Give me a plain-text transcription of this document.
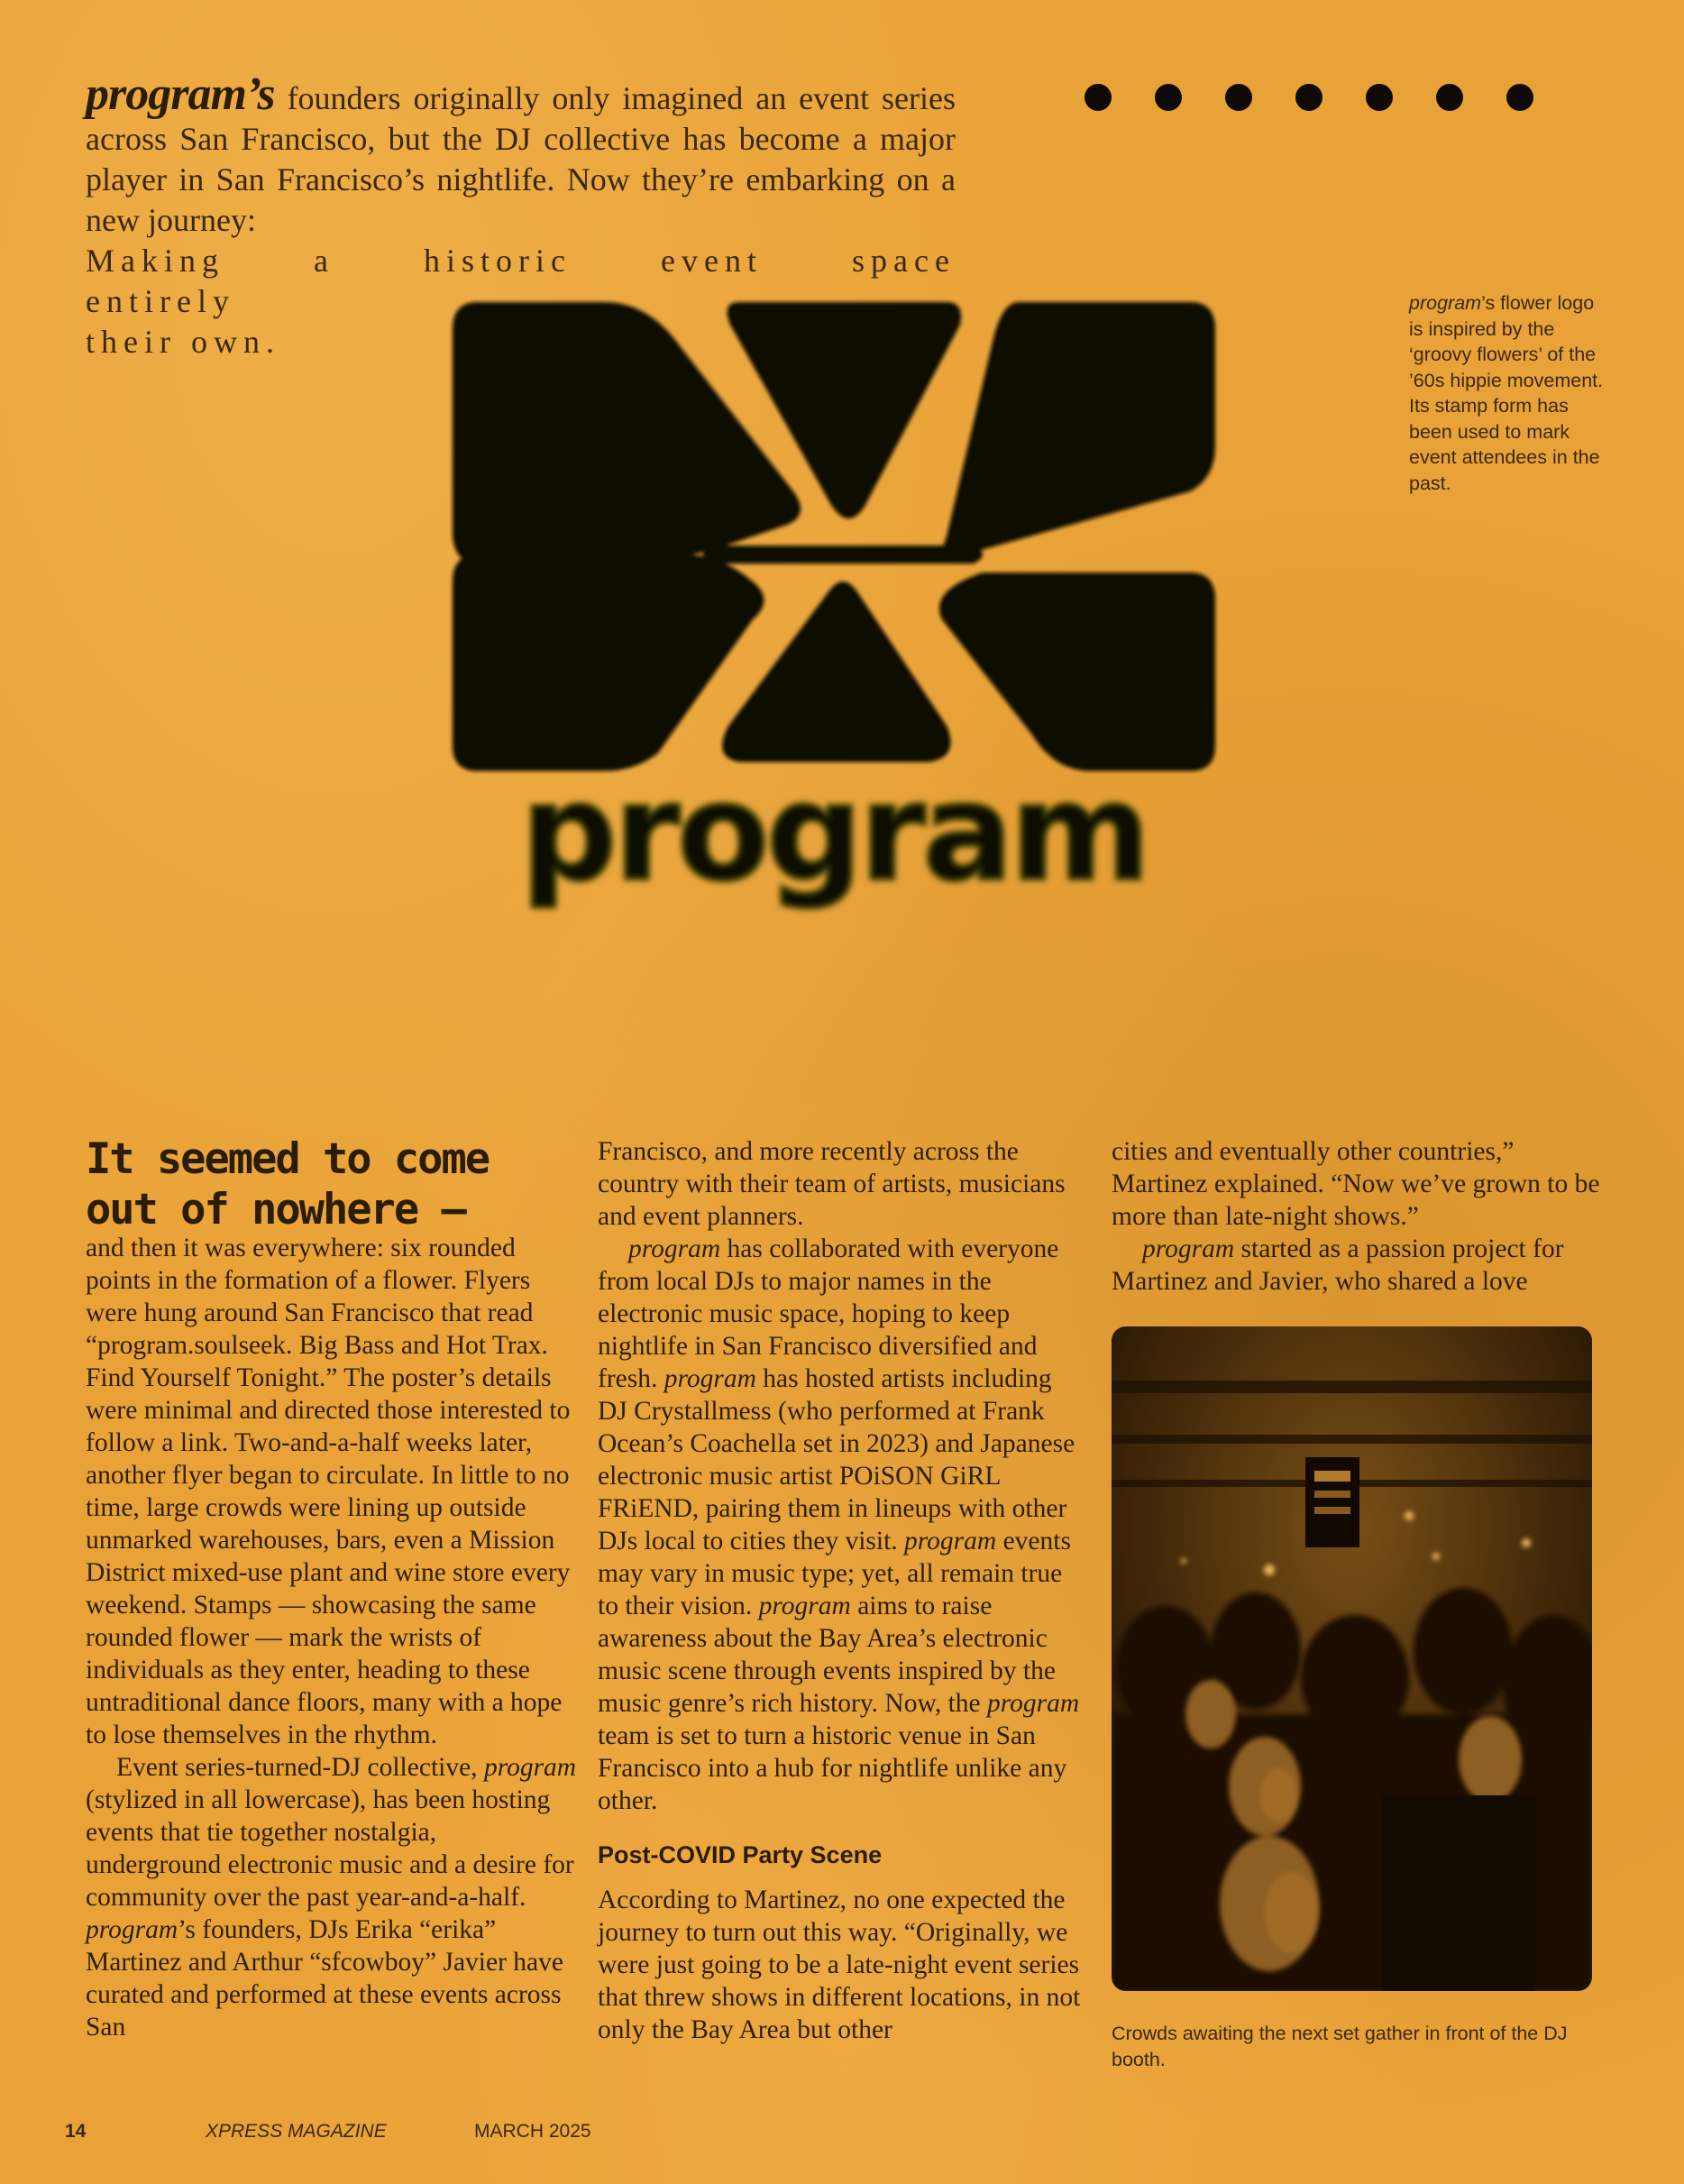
program’s founders originally only imagined an event series across San Francisco, but the DJ collective has become a major player in San Francisco’s nightlife. Now they’re embarking on a new journey:
Making a historic event space entirely
their own.
program
program’s flower logo is inspired by the ‘groovy flowers’ of the ’60s hippie movement. Its stamp form has been used to mark event attendees in the past.
It seemed to come out of nowhere —

and then it was everywhere: six rounded points in the formation of a flower. Flyers were hung around San Francisco that read “program.soulseek. Big Bass and Hot Trax. Find Yourself Tonight.” The poster’s details were minimal and directed those interested to follow a link. Two-and-a-half weeks later, another flyer began to circulate. In little to no time, large crowds were lining up outside unmarked warehouses, bars, even a Mission District mixed-use plant and wine store every weekend. Stamps — showcasing the same rounded flower — mark the wrists of individuals as they enter, heading to these untraditional dance floors, many with a hope to lose themselves in the rhythm.

Event series-turned-DJ collective, program (stylized in all lowercase), has been hosting events that tie together nostalgia, underground electronic music and a desire for community over the past year-and-a-half. program’s founders, DJs Erika “erika” Martinez and Arthur “sfcowboy” Javier have curated and performed at these events across San

Francisco, and more recently across the country with their team of artists, musicians and event planners.

program has collaborated with everyone from local DJs to major names in the electronic music space, hoping to keep nightlife in San Francisco diversified and fresh. program has hosted artists including DJ Crystallmess (who performed at Frank Ocean’s Coachella set in 2023) and Japanese electronic music artist POiSON GiRL FRiEND, pairing them in lineups with other DJs local to cities they visit. program events may vary in music type; yet, all remain true to their vision. program aims to raise awareness about the Bay Area’s electronic music scene through events inspired by the music genre’s rich history. Now, the program team is set to turn a historic venue in San Francisco into a hub for nightlife unlike any other.

Post-COVID Party Scene

According to Martinez, no one expected the journey to turn out this way. “Originally, we were just going to be a late-night event series that threw shows in different locations, in not only the Bay Area but other

cities and eventually other countries,” Martinez explained. “Now we’ve grown to be more than late-night shows.”

program started as a passion project for Martinez and Javier, who shared a love

Crowds awaiting the next set gather in front of the DJ booth.
14	XPRESS MAGAZINE	MARCH 2025
